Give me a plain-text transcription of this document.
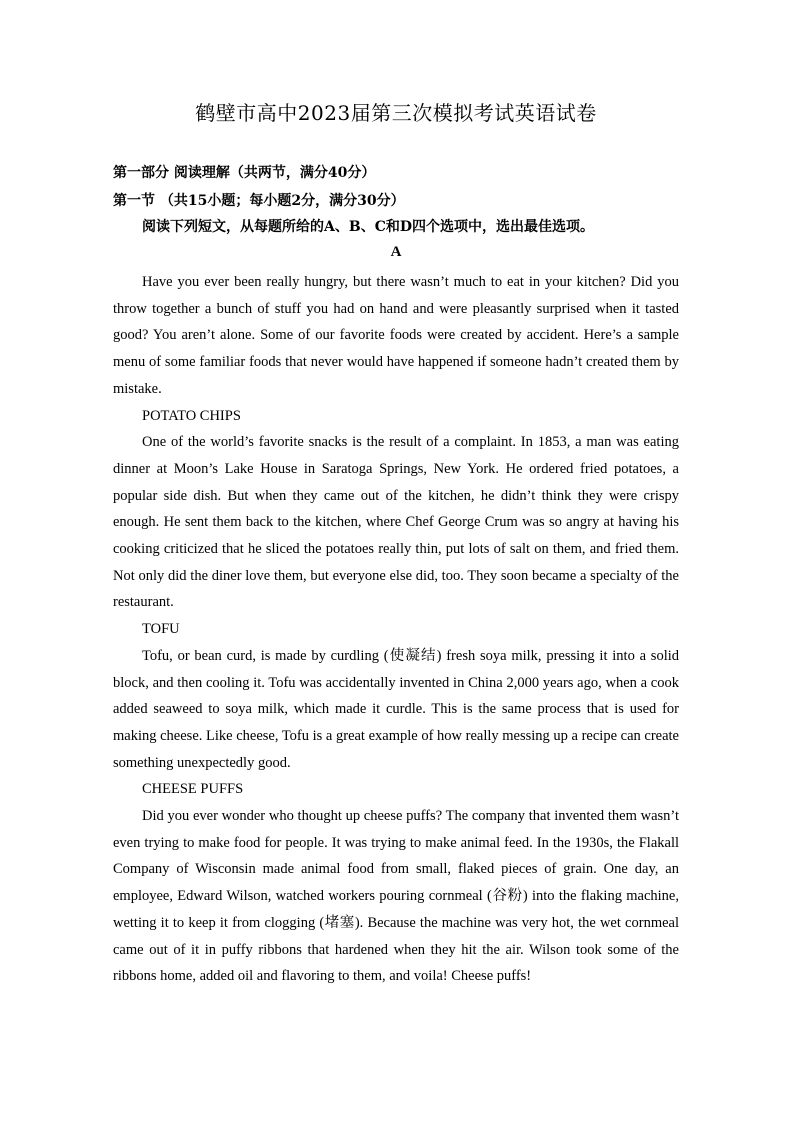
鹤壁市高中2023届第三次模拟考试英语试卷
第一部分 阅读理解（共两节，满分40分）
第一节 （共15小题；每小题2分，满分30分）
阅读下列短文，从每题所给的A、B、C和D四个选项中，选出最佳选项。
A

Have you ever been really hungry, but there wasn’t much to eat in your kitchen? Did you throw together a bunch of stuff you had on hand and were pleasantly surprised when it tasted good? You aren’t alone. Some of our favorite foods were created by accident. Here’s a sample menu of some familiar foods that never would have happened if someone hadn’t created them by mistake.

POTATO CHIPS

One of the world’s favorite snacks is the result of a complaint. In 1853, a man was eating dinner at Moon’s Lake House in Saratoga Springs, New York. He ordered fried potatoes, a popular side dish. But when they came out of the kitchen, he didn’t think they were crispy enough. He sent them back to the kitchen, where Chef George Crum was so angry at having his cooking criticized that he sliced the potatoes really thin, put lots of salt on them, and fried them. Not only did the diner love them, but everyone else did, too. They soon became a specialty of the restaurant.

TOFU

Tofu, or bean curd, is made by curdling (使凝结) fresh soya milk, pressing it into a solid block, and then cooling it. Tofu was accidentally invented in China 2,000 years ago, when a cook added seaweed to soya milk, which made it curdle. This is the same process that is used for making cheese. Like cheese, Tofu is a great example of how really messing up a recipe can create something unexpectedly good.

CHEESE PUFFS

Did you ever wonder who thought up cheese puffs? The company that invented them wasn’t even trying to make food for people. It was trying to make animal feed. In the 1930s, the Flakall Company of Wisconsin made animal food from small, flaked pieces of grain. One day, an employee, Edward Wilson, watched workers pouring cornmeal (谷粉) into the flaking machine, wetting it to keep it from clogging (堵塞). Because the machine was very hot, the wet cornmeal came out of it in puffy ribbons that hardened when they hit the air. Wilson took some of the ribbons home, added oil and flavoring to them, and voila! Cheese puffs!
